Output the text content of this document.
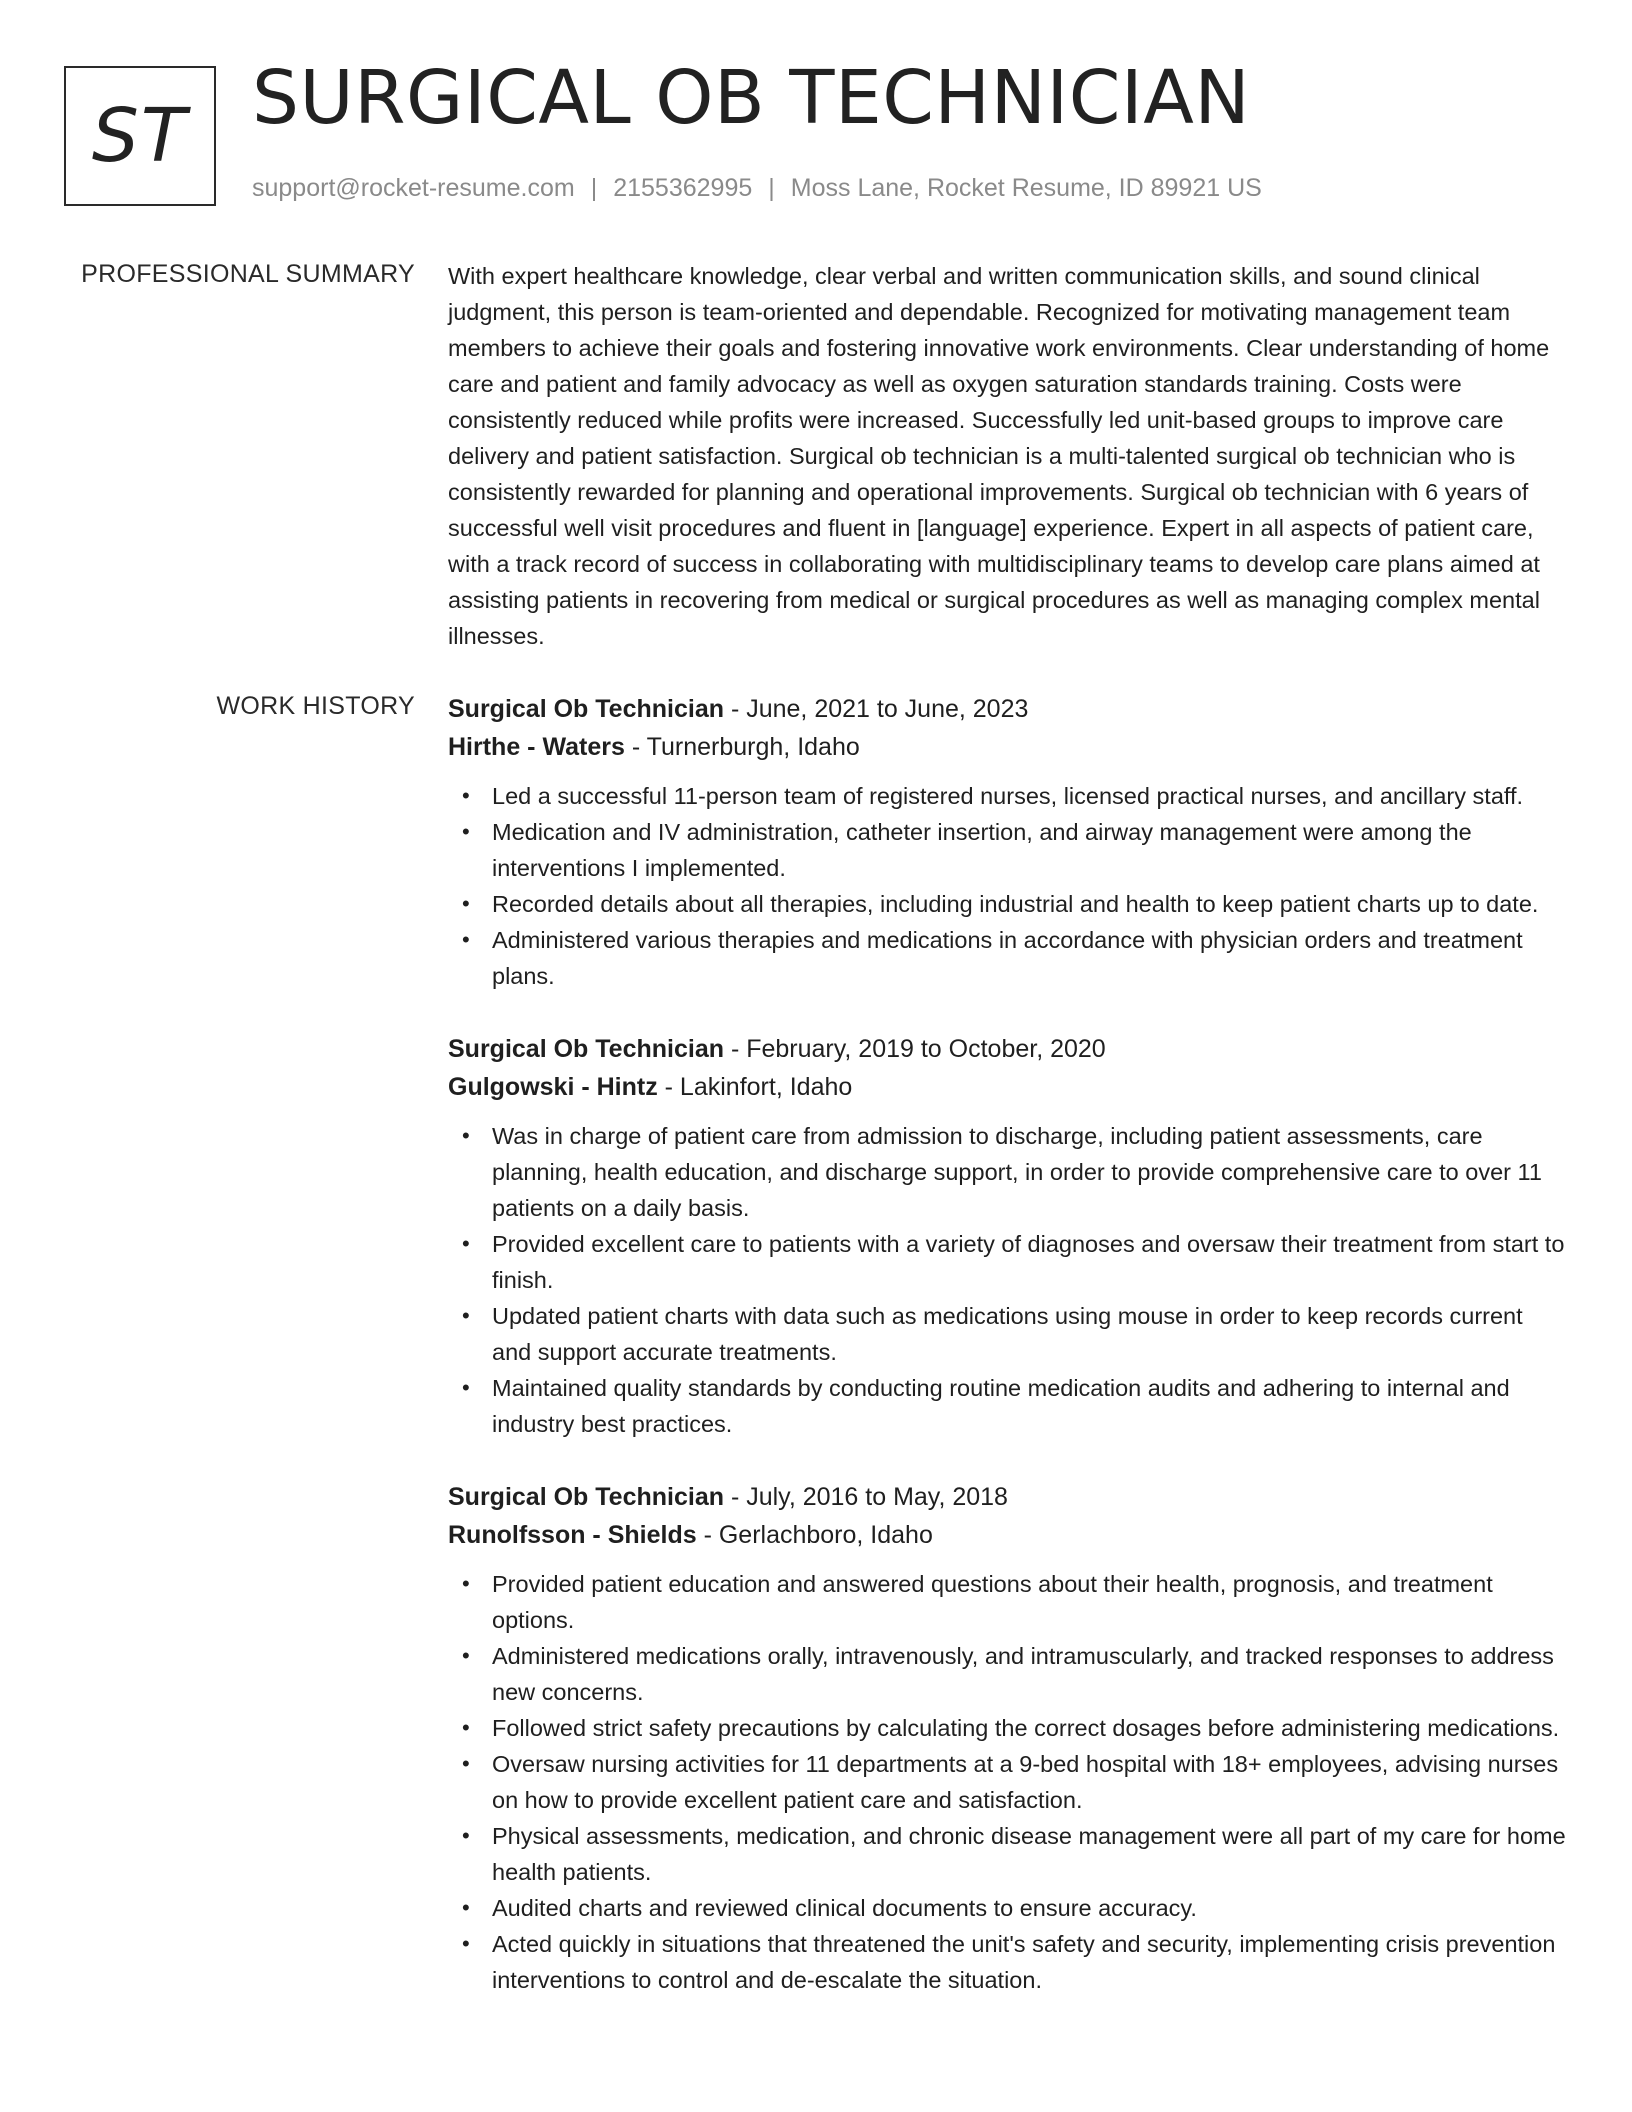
ST SURGICAL OB TECHNICIAN
support@rocket-resume.com | 2155362995 | Moss Lane, Rocket Resume, ID 89921 US
PROFESSIONAL SUMMARY With expert healthcare knowledge, clear verbal and written communication skills, and sound clinical judgment, this person is team-oriented and dependable. Recognized for motivating management team members to achieve their goals and fostering innovative work environments. Clear understanding of home care and patient and family advocacy as well as oxygen saturation standards training. Costs were consistently reduced while profits were increased. Successfully led unit-based groups to improve care delivery and patient satisfaction. Surgical ob technician is a multi-talented surgical ob technician who is consistently rewarded for planning and operational improvements. Surgical ob technician with 6 years of successful well visit procedures and fluent in [language] experience. Expert in all aspects of patient care, with a track record of success in collaborating with multidisciplinary teams to develop care plans aimed at assisting patients in recovering from medical or surgical procedures as well as managing complex mental illnesses.

WORK HISTORY Surgical Ob Technician - June, 2021 to June, 2023
Hirthe - Waters - Turnerburgh, Idaho
• Led a successful 11-person team of registered nurses, licensed practical nurses, and ancillary staff.
• Medication and IV administration, catheter insertion, and airway management were among the interventions I implemented.
• Recorded details about all therapies, including industrial and health to keep patient charts up to date.
• Administered various therapies and medications in accordance with physician orders and treatment plans.
Surgical Ob Technician - February, 2019 to October, 2020
Gulgowski - Hintz - Lakinfort, Idaho
• Was in charge of patient care from admission to discharge, including patient assessments, care planning, health education, and discharge support, in order to provide comprehensive care to over 11 patients on a daily basis.
• Provided excellent care to patients with a variety of diagnoses and oversaw their treatment from start to finish.
• Updated patient charts with data such as medications using mouse in order to keep records current and support accurate treatments.
• Maintained quality standards by conducting routine medication audits and adhering to internal and industry best practices.
Surgical Ob Technician - July, 2016 to May, 2018
Runolfsson - Shields - Gerlachboro, Idaho
• Provided patient education and answered questions about their health, prognosis, and treatment options.
• Administered medications orally, intravenously, and intramuscularly, and tracked responses to address new concerns.
• Followed strict safety precautions by calculating the correct dosages before administering medications.
• Oversaw nursing activities for 11 departments at a 9-bed hospital with 18+ employees, advising nurses on how to provide excellent patient care and satisfaction.
• Physical assessments, medication, and chronic disease management were all part of my care for home health patients.
• Audited charts and reviewed clinical documents to ensure accuracy.
• Acted quickly in situations that threatened the unit's safety and security, implementing crisis prevention interventions to control and de-escalate the situation.
